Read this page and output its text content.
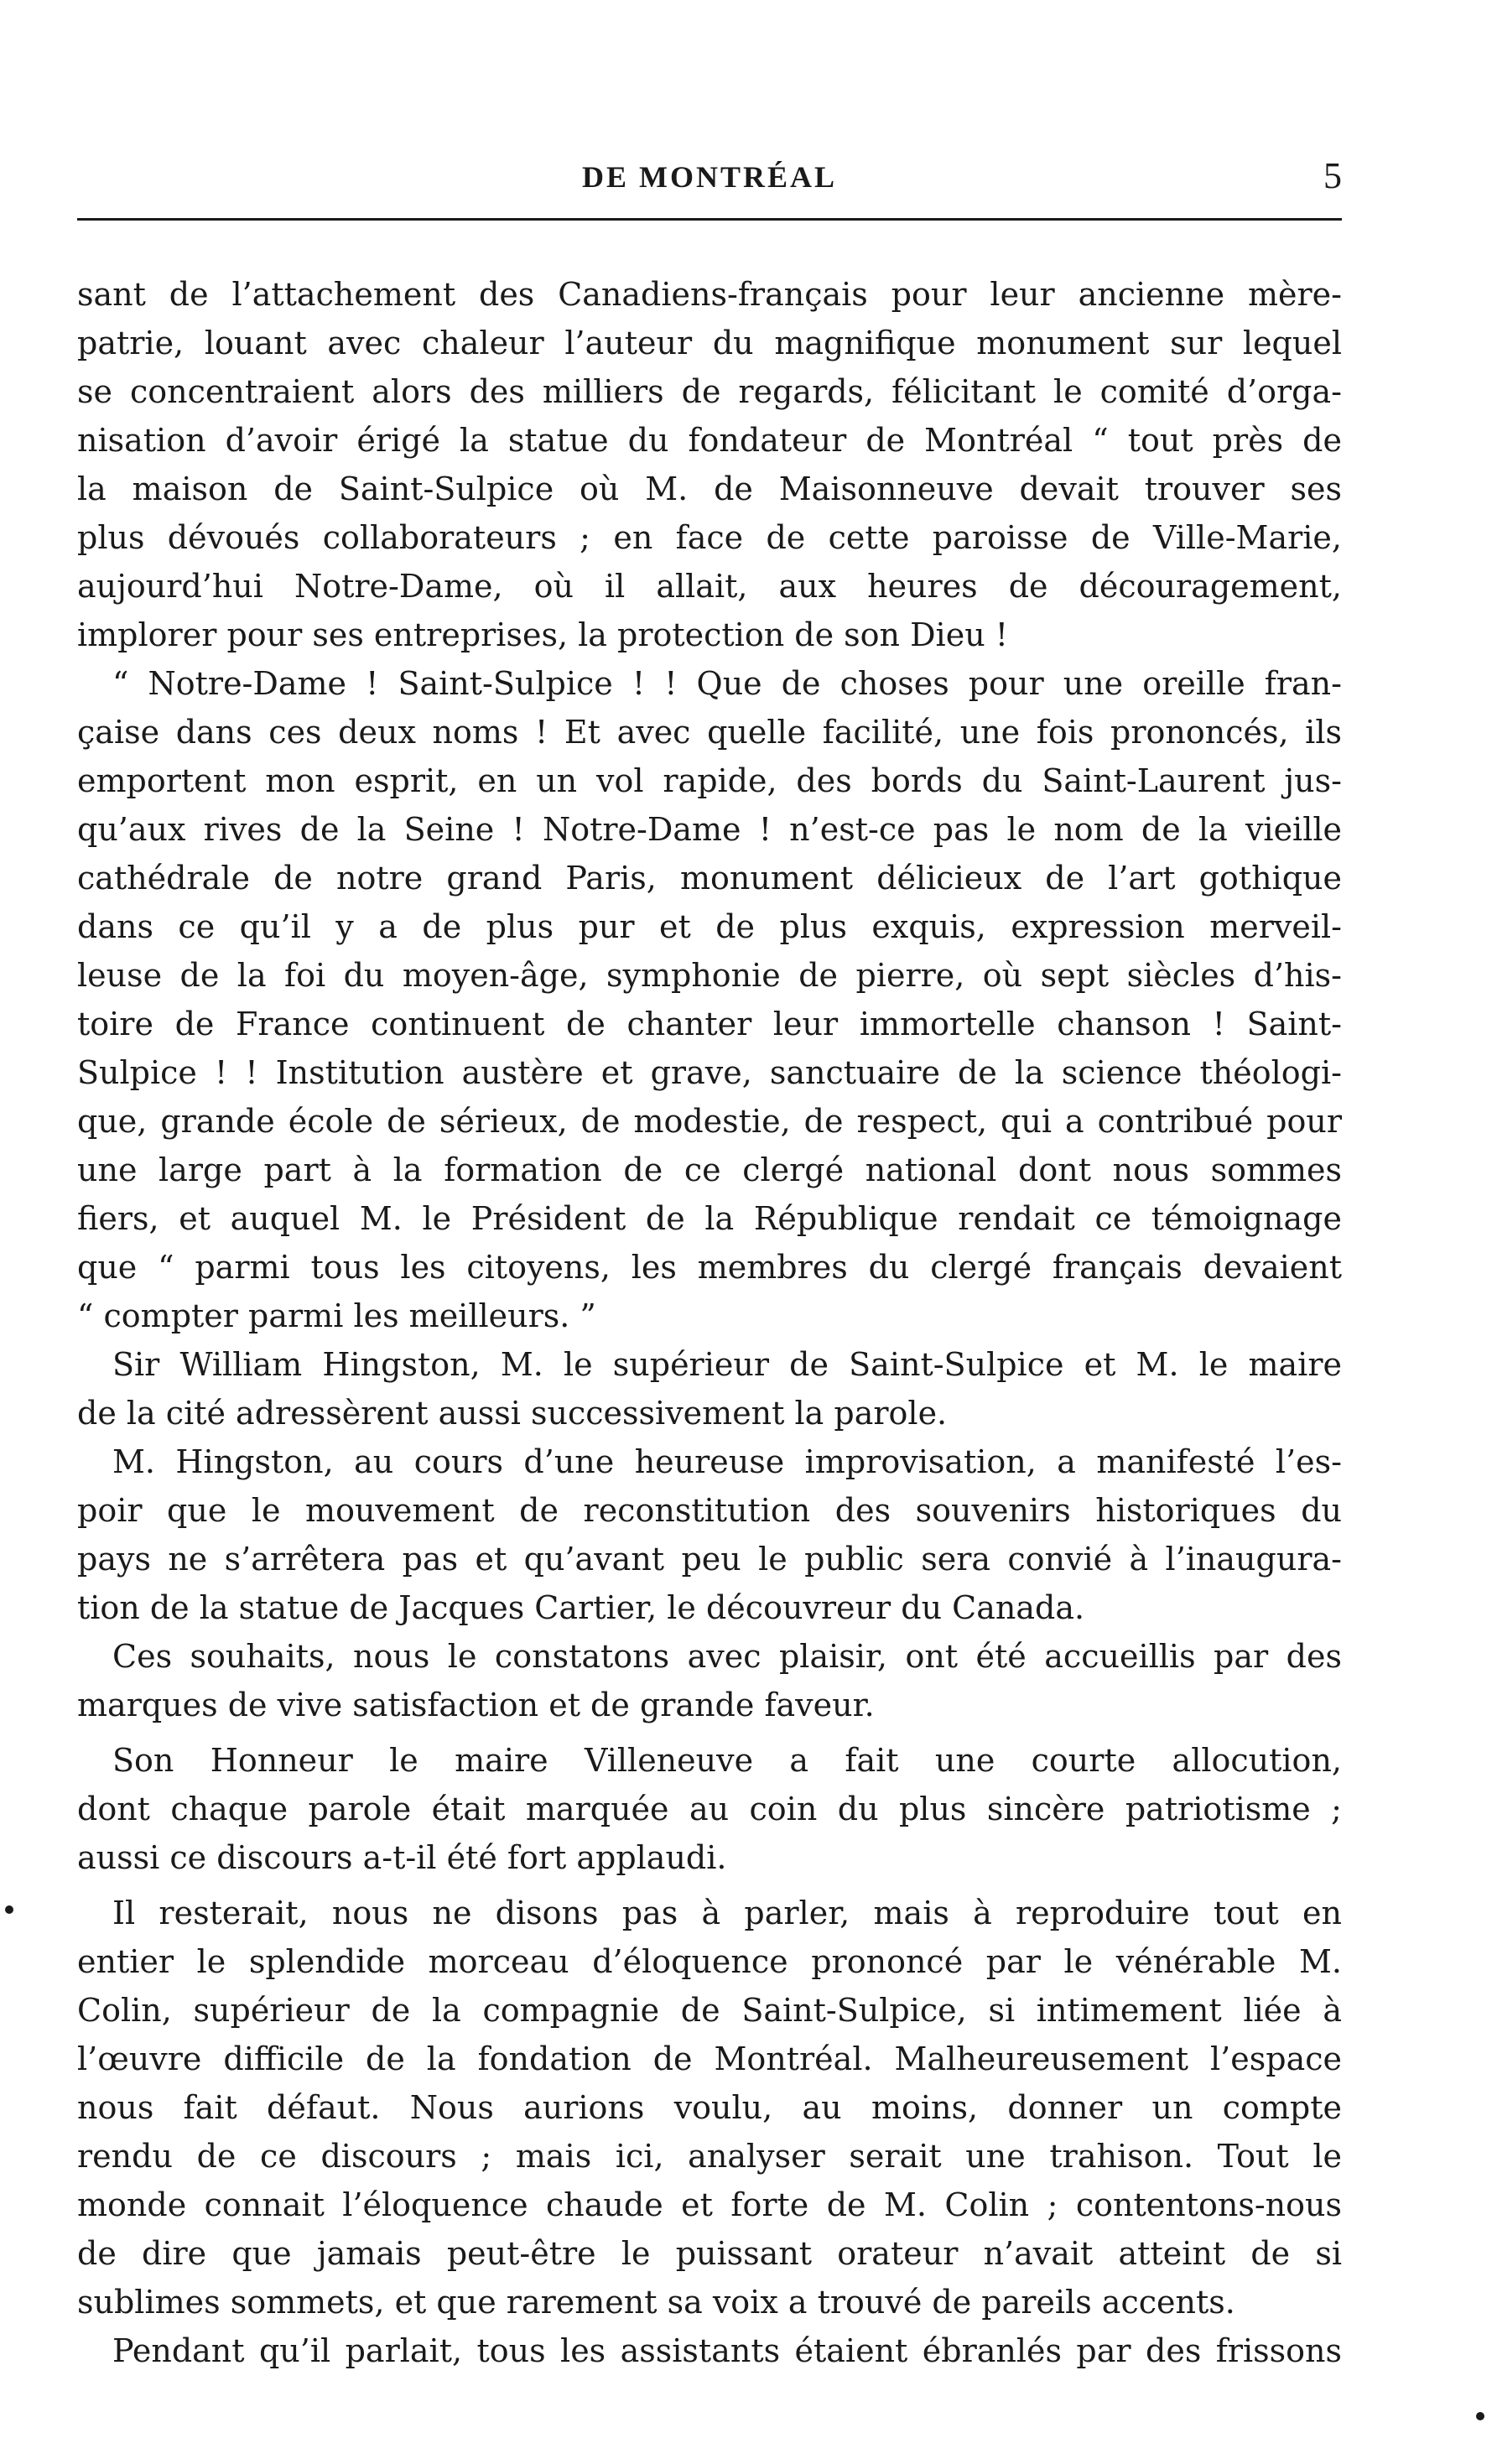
DE MONTRÉAL	5
sant de l’attachement des Canadiens-français pour leur ancienne mère-
patrie, louant avec chaleur l’auteur du magnifique monument sur lequel
se concentraient alors des milliers de regards, félicitant le comité d’orga-
nisation d’avoir érigé la statue du fondateur de Montréal “ tout près de
la maison de Saint-Sulpice où M. de Maisonneuve devait trouver ses
plus dévoués collaborateurs ; en face de cette paroisse de Ville-Marie,
aujourd’hui Notre-Dame, où il allait, aux heures de découragement,
implorer pour ses entreprises, la protection de son Dieu !
“ Notre-Dame ! Saint-Sulpice ! ! Que de choses pour une oreille fran-
çaise dans ces deux noms ! Et avec quelle facilité, une fois prononcés, ils
emportent mon esprit, en un vol rapide, des bords du Saint-Laurent jus-
qu’aux rives de la Seine ! Notre-Dame ! n’est-ce pas le nom de la vieille
cathédrale de notre grand Paris, monument délicieux de l’art gothique
dans ce qu’il y a de plus pur et de plus exquis, expression merveil-
leuse de la foi du moyen-âge, symphonie de pierre, où sept siècles d’his-
toire de France continuent de chanter leur immortelle chanson ! Saint-
Sulpice ! ! Institution austère et grave, sanctuaire de la science théologi-
que, grande école de sérieux, de modestie, de respect, qui a contribué pour
une large part à la formation de ce clergé national dont nous sommes
fiers, et auquel M. le Président de la République rendait ce témoignage
que “ parmi tous les citoyens, les membres du clergé français devaient
“ compter parmi les meilleurs. ”
Sir William Hingston, M. le supérieur de Saint-Sulpice et M. le maire
de la cité adressèrent aussi successivement la parole.
M. Hingston, au cours d’une heureuse improvisation, a manifesté l’es-
poir que le mouvement de reconstitution des souvenirs historiques du
pays ne s’arrêtera pas et qu’avant peu le public sera convié à l’inaugura-
tion de la statue de Jacques Cartier, le découvreur du Canada.
Ces souhaits, nous le constatons avec plaisir, ont été accueillis par des
marques de vive satisfaction et de grande faveur.
Son Honneur le maire Villeneuve a fait une courte allocution,
dont chaque parole était marquée au coin du plus sincère patriotisme ;
aussi ce discours a-t-il été fort applaudi.
Il resterait, nous ne disons pas à parler, mais à reproduire tout en
entier le splendide morceau d’éloquence prononcé par le vénérable M.
Colin, supérieur de la compagnie de Saint-Sulpice, si intimement liée à
l’œuvre difficile de la fondation de Montréal. Malheureusement l’espace
nous fait défaut. Nous aurions voulu, au moins, donner un compte
rendu de ce discours ; mais ici, analyser serait une trahison. Tout le
monde connait l’éloquence chaude et forte de M. Colin ; contentons-nous
de dire que jamais peut-être le puissant orateur n’avait atteint de si
sublimes sommets, et que rarement sa voix a trouvé de pareils accents.
Pendant qu’il parlait, tous les assistants étaient ébranlés par des frissons
